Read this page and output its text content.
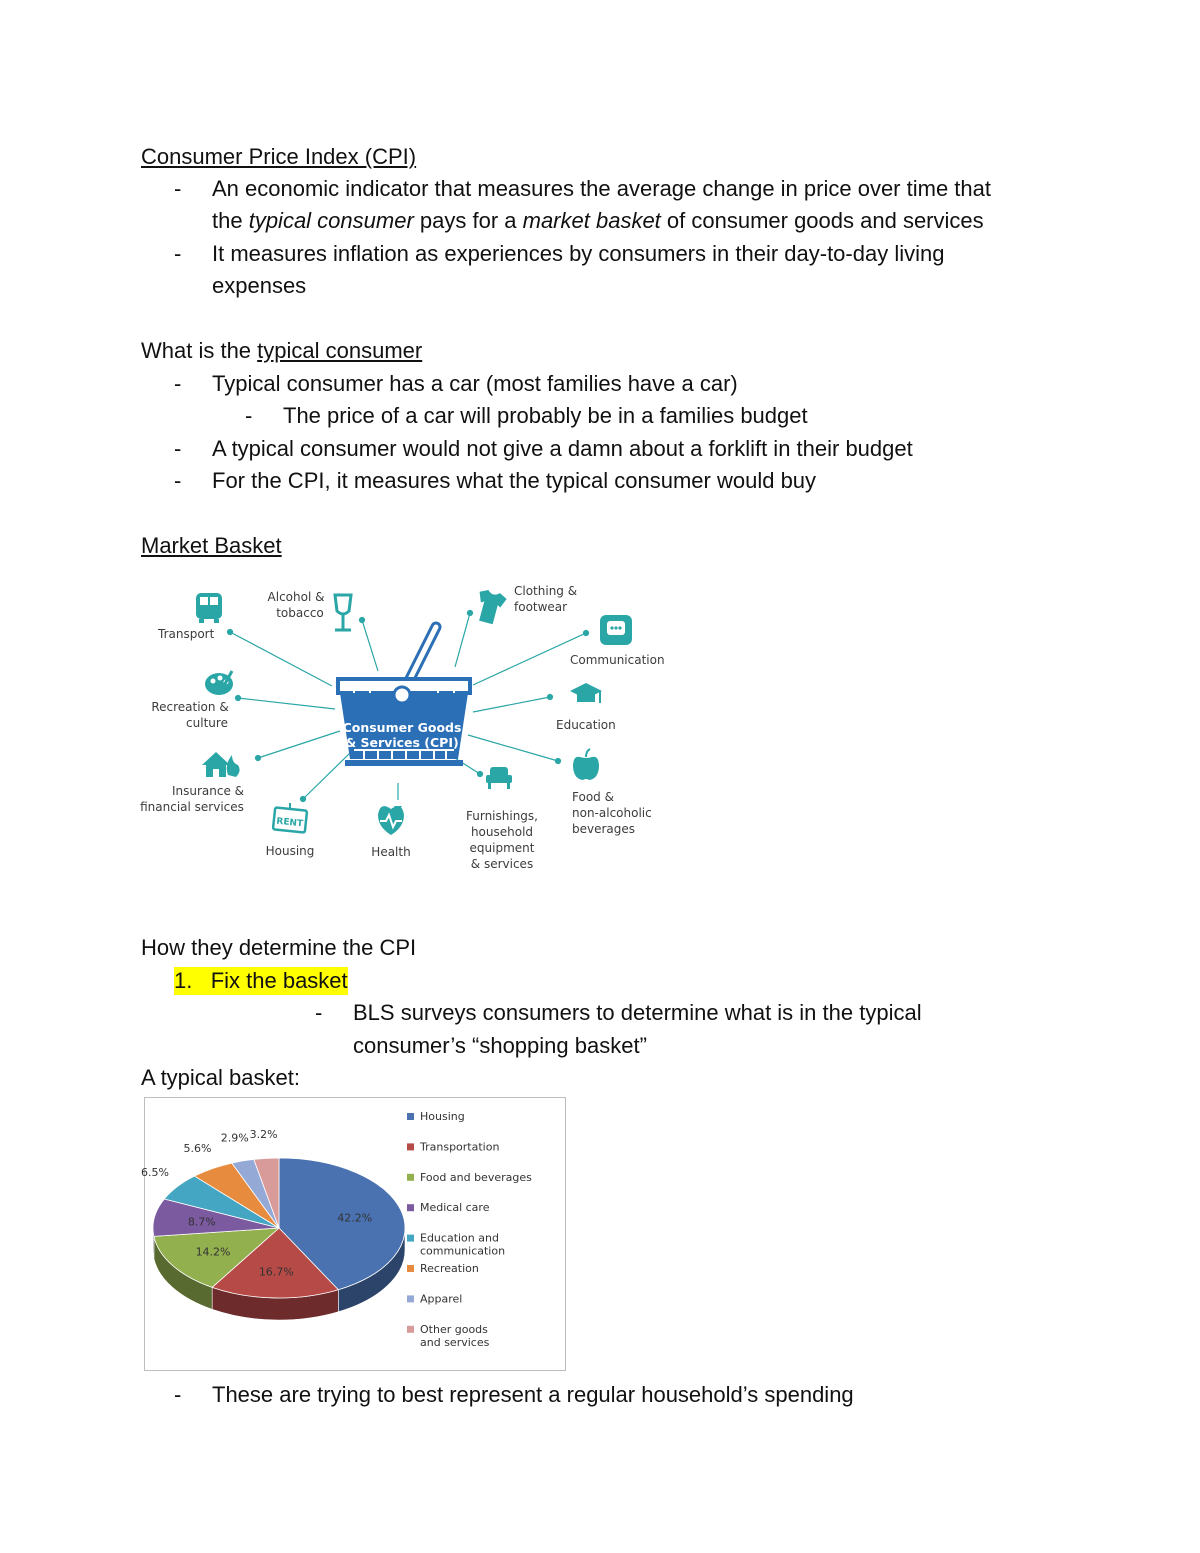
Consumer Price Index (CPI)
- An economic indicator that measures the average change in price over time that
the typical consumer pays for a market basket of consumer goods and services
- It measures inflation as experiences by consumers in their day-to-day living
expenses
What is the typical consumer
- Typical consumer has a car (most families have a car)
- The price of a car will probably be in a families budget
- A typical consumer would not give a damn about a forklift in their budget
- For the CPI, it measures what the typical consumer would buy
Market Basket
Consumer Goods
& Services (CPI)
RENT
Transport
Alcohol &
tobacco
Clothing &
footwear
Communication
Recreation &
culture	Education
Insurance &
financial services
Food &
non-alcoholic
beverages
Housing	Health
Furnishings,
household
equipment
& services
How they determine the CPI
1. Fix the basket
- BLS surveys consumers to determine what is in the typical
consumer’s “shopping basket”
A typical basket:
42.2%
16.7%
14.2%
8.7%
6.5%
5.6%
2.9% 3.2%
Housing
Transportation
Food and beverages
Medical care
Education and
communication
Recreation
Apparel
Other goods
and services
- These are trying to best represent a regular household’s spending
